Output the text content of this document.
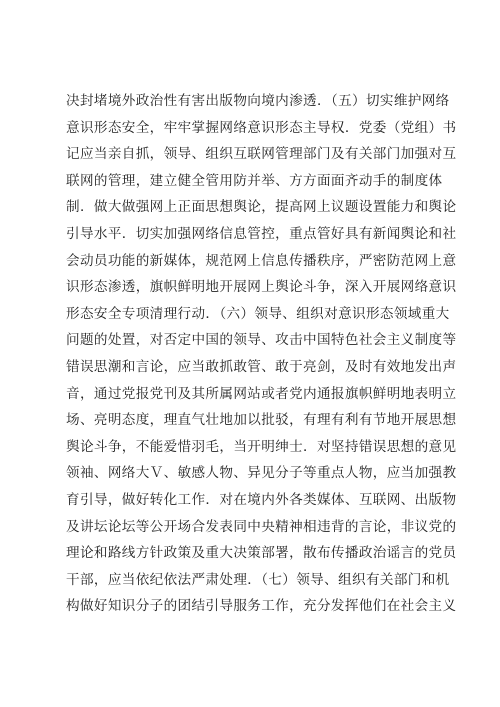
决封堵境外政治性有害出版物向境内渗透．（五）切实维护网络
意识形态安全，牢牢掌握网络意识形态主导权．党委（党组）书
记应当亲自抓，领导、组织互联网管理部门及有关部门加强对互
联网的管理，建立健全管用防并举、方方面面齐动手的制度体
制．做大做强网上正面思想舆论，提高网上议题设置能力和舆论
引导水平．切实加强网络信息管控，重点管好具有新闻舆论和社
会动员功能的新媒体，规范网上信息传播秩序，严密防范网上意
识形态渗透，旗帜鲜明地开展网上舆论斗争，深入开展网络意识
形态安全专项清理行动．（六）领导、组织对意识形态领域重大
问题的处置，对否定中国的领导、攻击中国特色社会主义制度等
错误思潮和言论，应当敢抓敢管、敢于亮剑，及时有效地发出声
音，通过党报党刊及其所属网站或者党内通报旗帜鲜明地表明立
场、亮明态度，理直气壮地加以批驳，有理有利有节地开展思想
舆论斗争，不能爱惜羽毛，当开明绅士．对坚持错误思想的意见
领袖、网络大Ｖ、敏感人物、异见分子等重点人物，应当加强教
育引导，做好转化工作．对在境内外各类媒体、互联网、出版物
及讲坛论坛等公开场合发表同中央精神相违背的言论，非议党的
理论和路线方针政策及重大决策部署，散布传播政治谣言的党员
干部，应当依纪依法严肃处理．（七）领导、组织有关部门和机
构做好知识分子的团结引导服务工作，充分发挥他们在社会主义
